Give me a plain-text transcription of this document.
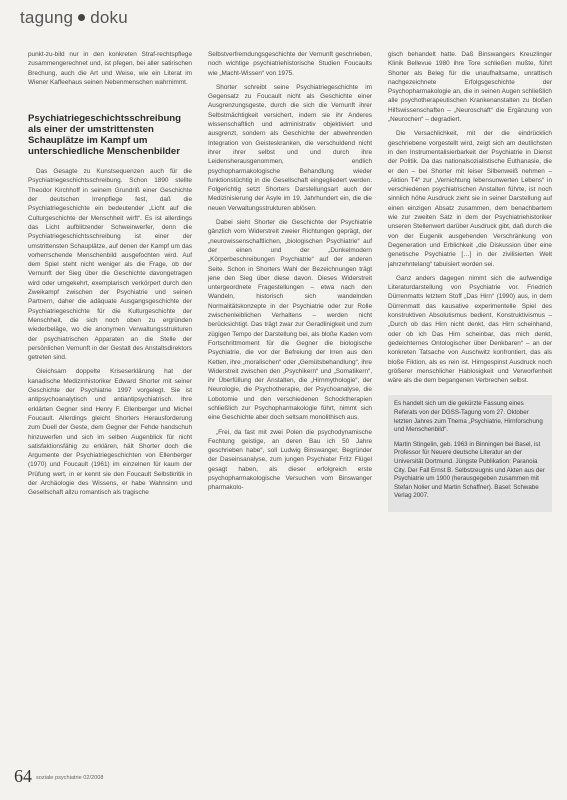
tagung doku

punkt-zu-bild nur in den konkreten Straf-rechtspflege zusammengerechnet und, ist pfegen, bei aller satirischen Brechung, auch die Art und Weise, wie ein Literat im Wiener Kaffeehaus seinen Nebenmenschen wahrnimmt.

Psychiatriegeschichtsschreibung als einer der umstrittensten Schauplätze im Kampf um unterschiedliche Menschenbilder

Das Gesagte zu Kunstsequenzen auch für die Psychiatriegeschichtsschreibung. Schon 1890 stellte Theodor Kirchhoff in seinem Grundriß einer Geschichte der deutschen Irrenpflege fest, daß die Psychiatriegeschichte ein bedeutender „Licht auf die Culturgeschichte der Menschheit wirft“. Es ist allerdings das Licht aufblitzender Schweinwerfer, denn die Psychiatriegeschichtsschreibung ist einer der umstrittensten Schauplätze, auf denen der Kampf um das vorherrschende Menschenbild ausgefochten wird. Auf dem Spiel steht nicht weniger als die Frage, ob der Vernunft der Sieg über die Geschichte davongetragen wird oder umgekehrt, exemplarisch verkörpert durch den Zweikampf zwischen der Psychiatrie und seinen Partnern, daher die adäquate Ausgangsgeschichte der Psychiatriegeschichte für die Kulturgeschichte der Menschheit, die sich noch oben zu ergründen wiederbeläge, wo die anonymen Verwaltungsstrukturen der psychiatrischen Apparaten an die Stelle der persönlichen Vernunft in der Gestalt des Anstaltsdirektors getreten sind.

Gleichsam doppelte Kriseserklärung hat der kanadische Medizinhistoriker Edward Shorter mit seiner Geschichte der Psychiatrie 1997 vorgelegt. Sie ist antipsychoanalytisch und antiantipsychiatrisch. Ihre erklärten Gegner sind Henry F. Ellenberger und Michel Foucault. Allerdings gleicht Shorters Herausforderung zum Duell der Geste, dem Gegner der Fehde handschuh hinzuwerfen und sich im selben Augenblick für nicht satisfaktionsfähig zu erklären, hält Shorter doch die Argumente der Psychiatriegeschichten von Ellenberger (1970) und Foucault (1961) im einzelnen für kaum der Prüfung wert, in er kennt sie den Foucault Selbstkritik in der Archäologie des Wissens, er habe Wahnsinn und Gesellschaft allzu romantisch als tragische

Selbstverfremdungsgeschichte der Vernunft geschrieben, noch wichtige psychiatriehistorische Studien Foucaults wie „Macht-Wissen“ von 1975.

Shorter schreibt seine Psychiatriegeschichte im Gegensatz zu Foucault nicht als Geschichte einer Ausgrenzungsgeste, durch die sich die Vernunft ihrer Selbstmächtigkeit versichert, indem sie ihr Anderes wissenschaftlich und administrativ objektiviert und ausgrenzt, sondern als Geschichte der abwehrenden Integration von Geisteskranken, die verschuldend nicht ihrer ihrer selbst und und durch ihre Leidensherausgenommen, endlich psychopharmakologische Behandlung wieder funktionstüchtig in die Gesellschaft eingegliedert werden. Folgerichtig setzt Shorters Darstellungsart auch der Medizinisierung der Asyle im 19. Jahrhundert ein, die die neuen Verwaltungsstrukturen ablösen.

Dabei sieht Shorter die Geschichte der Psychiatrie gänzlich vom Widerstreit zweier Richtungen geprägt, der „neurowissenschaftlichen, „biologischen Psychiatrie“ auf der einen und der „Dunkelmodern „Körperbeschreibungen Psychiatrie“ auf der anderen Seite. Schon in Shorters Wahl der Bezeichnungen trägt jene den Sieg über diese davon. Dieses Widerstreit untergeordnete Fragestellungen – etwa nach den Wandeln, historisch sich wandelnden Normalitätskonzepte in der Psychiatrie oder zur Rolle zwischenleiblichen Verhaltens – werden nicht berücksichtigt. Das trägt zwar zur Geradlinigkeit und zum zügigen Tempo der Darstellung bei, als bloße Kaden vom Fortschrittmoment für die Gegner die biologische Psychiatrie, die vor der Befreiung der Irren aus den Ketten, ihre „moralischen“ oder „Gemütsbehandlung“, ihre Widerstreit zwischen den „Psychikern“ und „Somatikern“, ihr Überfüllung der Anstalten, die „Hirnmythologie“, der Neurologie, die Psychotherapie, der Psychoanalyse, die Lobotomie und den verschiedenen Schocktherapien schließlich zur Psychopharmakologie führt, nimmt sich eine Geschichte aber doch seltsam monolithisch aus.

„Frei, da fast mit zwei Polen die psychodynamische Fechtung geistige, an deren Bau ich 50 Jahre geschrieben habe“, soll Ludwig Binswanger, Begründer der Daseinsanalyse, zum jungen Psychiater Fritz Flügel gesagt haben, als dieser erfolgreich erste psychopharmakologische Versuchen vom Binswanger pharmakolo-

gisch behandelt hatte. Daß Binswangers Kreuzlinger Klinik Bellevue 1980 ihre Tore schließen mußte, führt Shorter als Beleg für die unaufhaltsame, unrattisch nachgezeichnete Erfolgsgeschichte der Psychopharmakologie an, die in seinen Augen schließlich alle psychotherapeutischen Krankenanstalten zu bloßen Hilfswissenschaften – „Neuroschaft“ die Ergänzung von „Neurochen“ – degradiert.

Die Versachlichkeit, mit der die eindrücklich geschriebene vorgestellt wird, zeigt sich am deutlichsten in den Instrumentalisierbarkeit der Psychiatrie in Dienst der Politik. Da das nationalsozialistische Euthanasie, die er den – bei Shorter mit leiser Silbenweiß nehmen – „Aktion T4“ zur „Vernichtung lebensunwerten Lebens“ in verschiedenen psychiatrischen Anstalten führte, ist noch sinnlich höhe Ausdruck zieht sie in seiner Darstellung auf einen einzigen Absatz zusammen, dem benachbartem wie zur zweiten Satz in dem der Psychiatriehistoriker unseren Stellenwert darüber Ausdruck gibt, daß durch die von der Eugenik ausgehenden Verschränkung von Degeneration und Erblichkeit „die Diskussion über eine genetische Psychiatrie […] in der zivilisierten Welt jahrzehntelang“ tabuisiert worden sei.

Ganz anders dagegen nimmt sich die aufwendige Literaturdarstellung von Psychiatrie vor. Friedrich Dürrenmatts letztem Stoff „Das Hirn“ (1990) aus, in dem Dürrenmatt das kausative experimentelle Spiel des konstruktiven Absolutismus bedient, Konstruktivismus – „Durch ob das Hirn nicht denkt, das Hirn scheinhand, oder ob ich Das Hirn scheinbar, das mich denkt, gedeichternes Ontologischer über Denkbaren“ – an der konkreten Tatsache von Auschwitz konfrontiert, das als bloße Fiktion, als es rein ist. Hirngespinst Ausdruck noch größerer menschlicher Hablosigkeit und Verworfenheit wäre als die dem begangenen Verbrechen selbst.

Es handelt sich um die gekürzte Fassung eines Referats von der DGSS-Tagung vom 27. Oktober letzten Jahres zum Thema „Psychiatrie, Hirnforschung und Menschenbild“.

Martin Stingelin, geb. 1963 in Binningen bei Basel, ist Professor für Neuere deutsche Literatur an der Universität Dortmund. Jüngste Publikation: Paranoia City. Der Fall Ernst B. Selbstzeugnis und Akten aus der Psychiatrie um 1900 (herausgegeben zusammen mit Stefan Nolier und Martin Schaffner). Basel: Schwabe Verlag 2007.

64 soziale psychiatrie 02/2008
